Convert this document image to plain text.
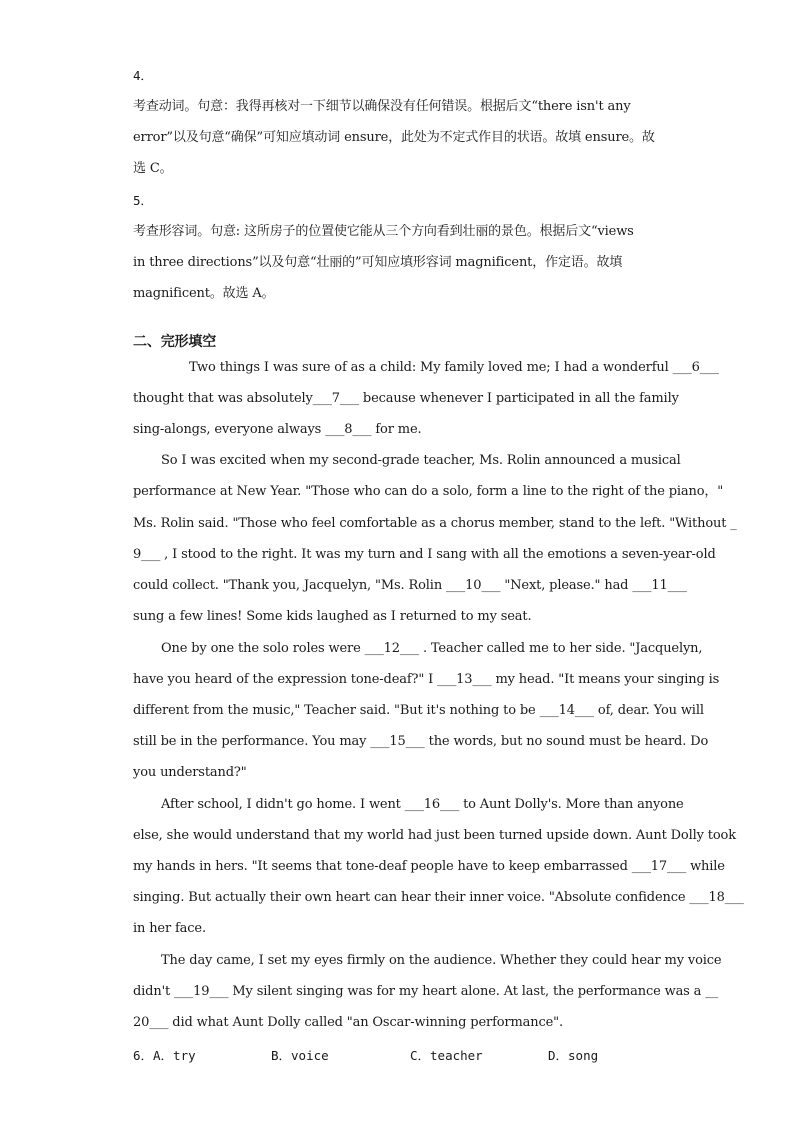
4．
考查动词。句意：我得再核对一下细节以确保没有任何错误。根据后文“there isn't any
error”以及句意“确保”可知应填动词 ensure，此处为不定式作目的状语。故填 ensure。故
选 C。
5．
考查形容词。句意: 这所房子的位置使它能从三个方向看到壮丽的景色。根据后文“views
in three directions”以及句意“壮丽的”可知应填形容词 magnificent，作定语。故填
magnificent。故选 A。
二、完形填空
Two things I was sure of as a child: My family loved me; I had a wonderful ___6___
thought that was absolutely___7___ because whenever I participated in all the family
sing-alongs, everyone always ___8___ for me.
So I was excited when my second-grade teacher, Ms. Rolin announced a musical
performance at New Year. "Those who can do a solo, form a line to the right of the piano，"
Ms. Rolin said. "Those who feel comfortable as a chorus member, stand to the left. "Without _
9___ , I stood to the right. It was my turn and I sang with all the emotions a seven-year-old
could collect. "Thank you, Jacquelyn, "Ms. Rolin ___10___ "Next, please." had ___11___
sung a few lines! Some kids laughed as I returned to my seat.
One by one the solo roles were ___12___ . Teacher called me to her side. "Jacquelyn,
have you heard of the expression tone-deaf?" I ___13___ my head. "It means your singing is
different from the music," Teacher said. "But it's nothing to be ___14___ of, dear. You will
still be in the performance. You may ___15___ the words, but no sound must be heard. Do
you understand?"
After school, I didn't go home. I went ___16___ to Aunt Dolly's. More than anyone
else, she would understand that my world had just been turned upside down. Aunt Dolly took
my hands in hers. "It seems that tone-deaf people have to keep embarrassed ___17___ while
singing. But actually their own heart can hear their inner voice. "Absolute confidence ___18___
in her face.
The day came, I set my eyes firmly on the audience. Whether they could hear my voice
didn't ___19___ My silent singing was for my heart alone. At last, the performance was a __
20___ did what Aunt Dolly called "an Oscar-winning performance".
6．A．try	B．voice	C．teacher	D．song
